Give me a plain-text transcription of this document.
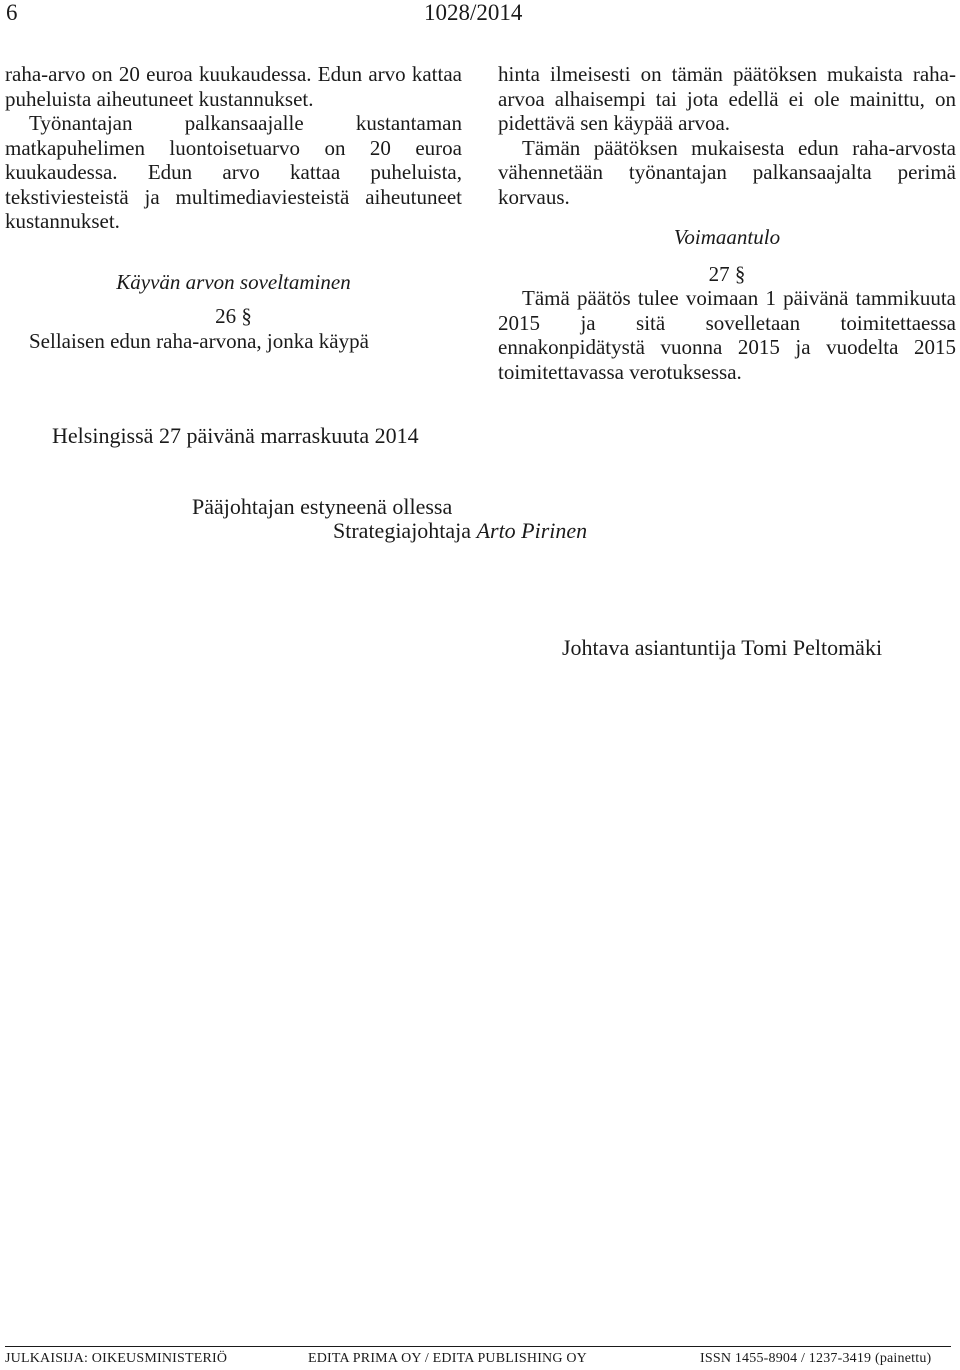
6	1028/2014

raha-arvo on 20 euroa kuukaudessa. Edun arvo kattaa puheluista aiheutuneet kustannukset.

Työnantajan palkansaajalle kustantaman matkapuhelimen luontoisetuarvo on 20 euroa kuukaudessa. Edun arvo kattaa puheluista, tekstiviesteistä ja multimediaviesteistä aiheutuneet kustannukset.

Käyvän arvon soveltaminen

26 §

Sellaisen edun raha-arvona, jonka käypä

hinta ilmeisesti on tämän päätöksen mukaista raha-arvoa alhaisempi tai jota edellä ei ole mainittu, on pidettävä sen käypää arvoa.

Tämän päätöksen mukaisesta edun raha-arvosta vähennetään työnantajan palkansaajalta perimä korvaus.

Voimaantulo

27 §

Tämä päätös tulee voimaan 1 päivänä tammikuuta 2015 ja sitä sovelletaan toimitettaessa ennakonpidätystä vuonna 2015 ja vuodelta 2015 toimitettavassa verotuksessa.

Helsingissä 27 päivänä marraskuuta 2014
Pääjohtajan estyneenä ollessa
Strategiajohtaja Arto Pirinen
Johtava asiantuntija Tomi Peltomäki
JULKAISIJA: OIKEUSMINISTERIÖ	EDITA PRIMA OY / EDITA PUBLISHING OY	ISSN 1455-8904 / 1237-3419 (painettu)
